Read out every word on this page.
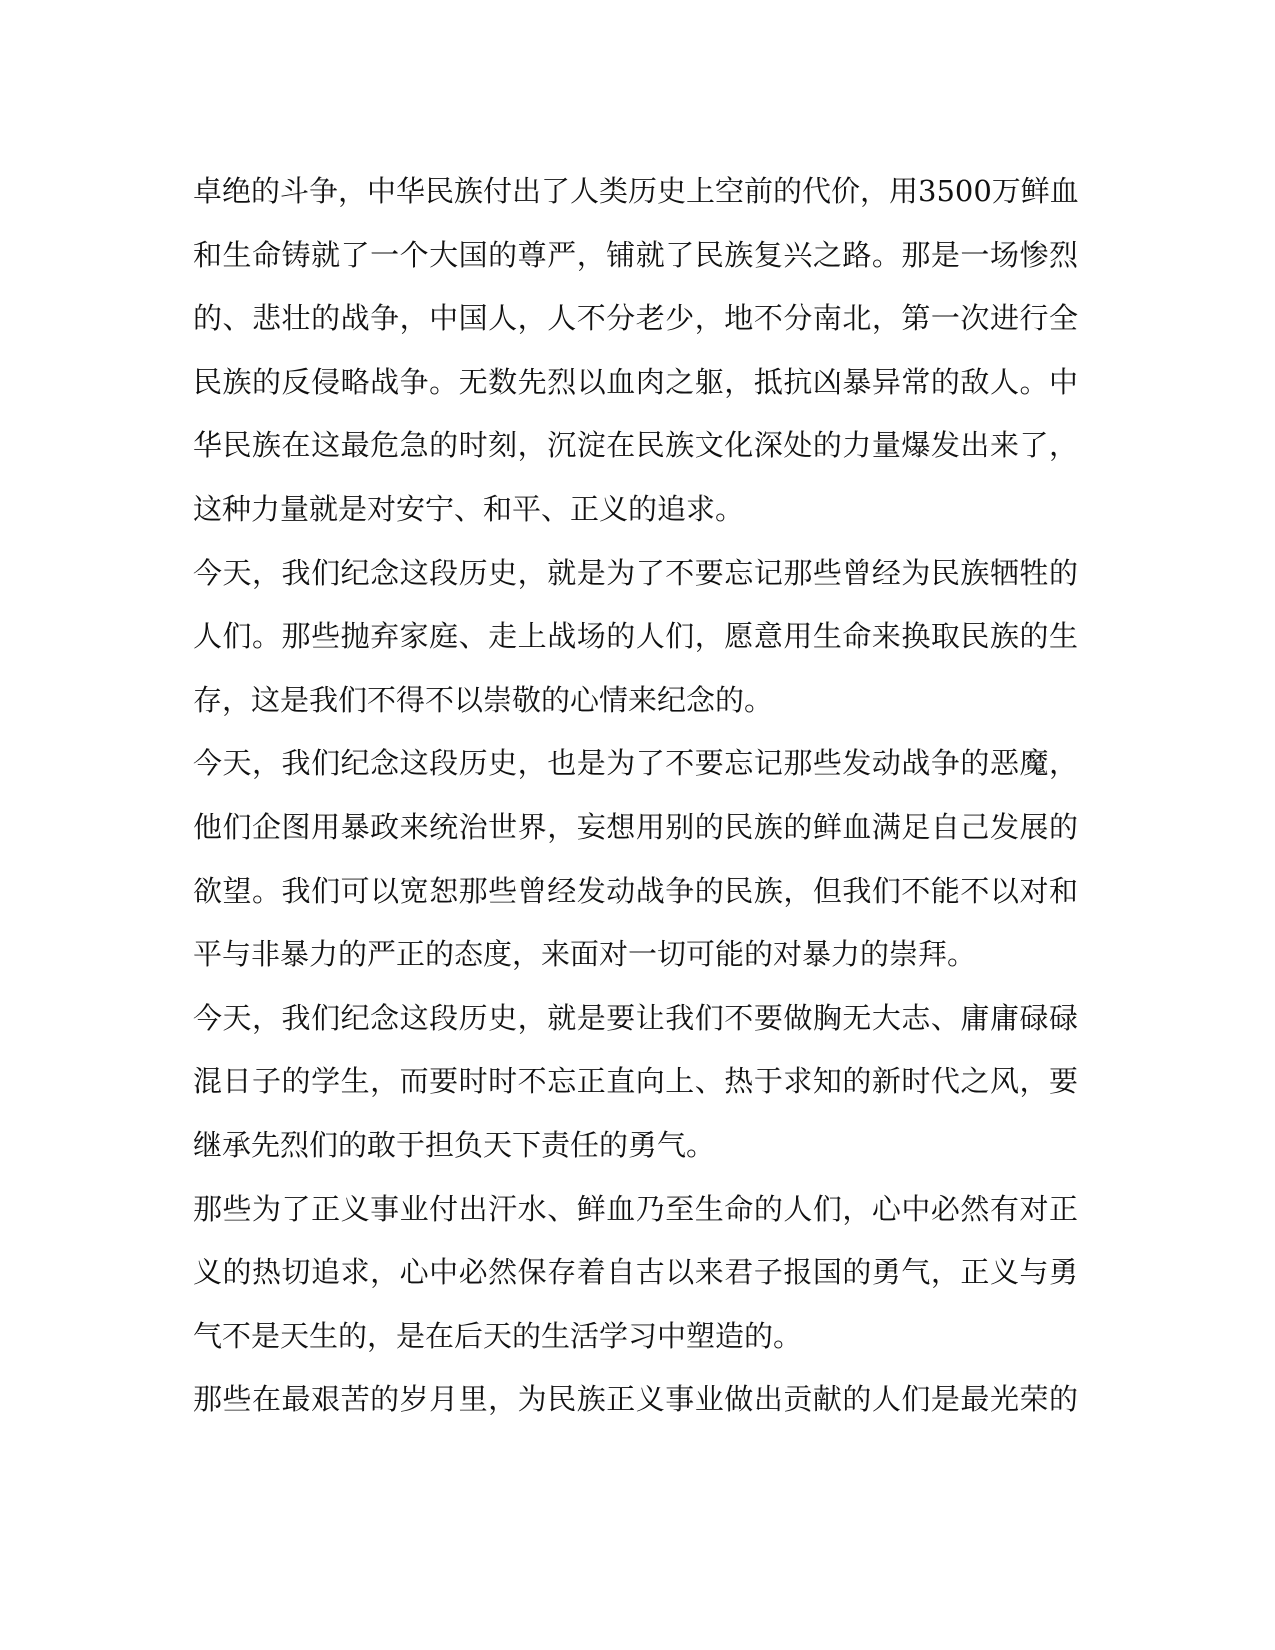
卓绝的斗争，中华民族付出了人类历史上空前的代价，用3500万鲜血
和生命铸就了一个大国的尊严，铺就了民族复兴之路。那是一场惨烈
的、悲壮的战争，中国人，人不分老少，地不分南北，第一次进行全
民族的反侵略战争。无数先烈以血肉之躯，抵抗凶暴异常的敌人。中
华民族在这最危急的时刻，沉淀在民族文化深处的力量爆发出来了，
这种力量就是对安宁、和平、正义的追求。
今天，我们纪念这段历史，就是为了不要忘记那些曾经为民族牺牲的
人们。那些抛弃家庭、走上战场的人们，愿意用生命来换取民族的生
存，这是我们不得不以崇敬的心情来纪念的。
今天，我们纪念这段历史，也是为了不要忘记那些发动战争的恶魔，
他们企图用暴政来统治世界，妄想用别的民族的鲜血满足自己发展的
欲望。我们可以宽恕那些曾经发动战争的民族，但我们不能不以对和
平与非暴力的严正的态度，来面对一切可能的对暴力的崇拜。
今天，我们纪念这段历史，就是要让我们不要做胸无大志、庸庸碌碌
混日子的学生，而要时时不忘正直向上、热于求知的新时代之风，要
继承先烈们的敢于担负天下责任的勇气。
那些为了正义事业付出汗水、鲜血乃至生命的人们，心中必然有对正
义的热切追求，心中必然保存着自古以来君子报国的勇气，正义与勇
气不是天生的，是在后天的生活学习中塑造的。
那些在最艰苦的岁月里，为民族正义事业做出贡献的人们是最光荣的
